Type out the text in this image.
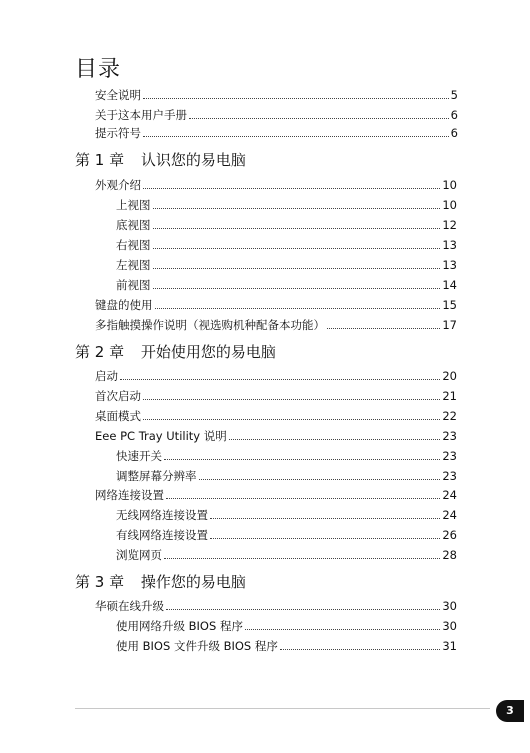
目录
安全说明	5
关于这本用户手册	6
提示符号	6
第 1 章 认识您的易电脑
外观介绍	10
上视图	10
底视图	12
右视图	13
左视图	13
前视图	14
键盘的使用	15
多指触摸操作说明（视选购机种配备本功能）	17
第 2 章 开始使用您的易电脑
启动	20
首次启动	21
桌面模式	22
Eee PC Tray Utility 说明	23
快速开关	23
调整屏幕分辨率	23
网络连接设置	24
无线网络连接设置	24
有线网络连接设置	26
浏览网页	28
第 3 章 操作您的易电脑
华硕在线升级	30
使用网络升级 BIOS 程序	30
使用 BIOS 文件升级 BIOS 程序	31
3
